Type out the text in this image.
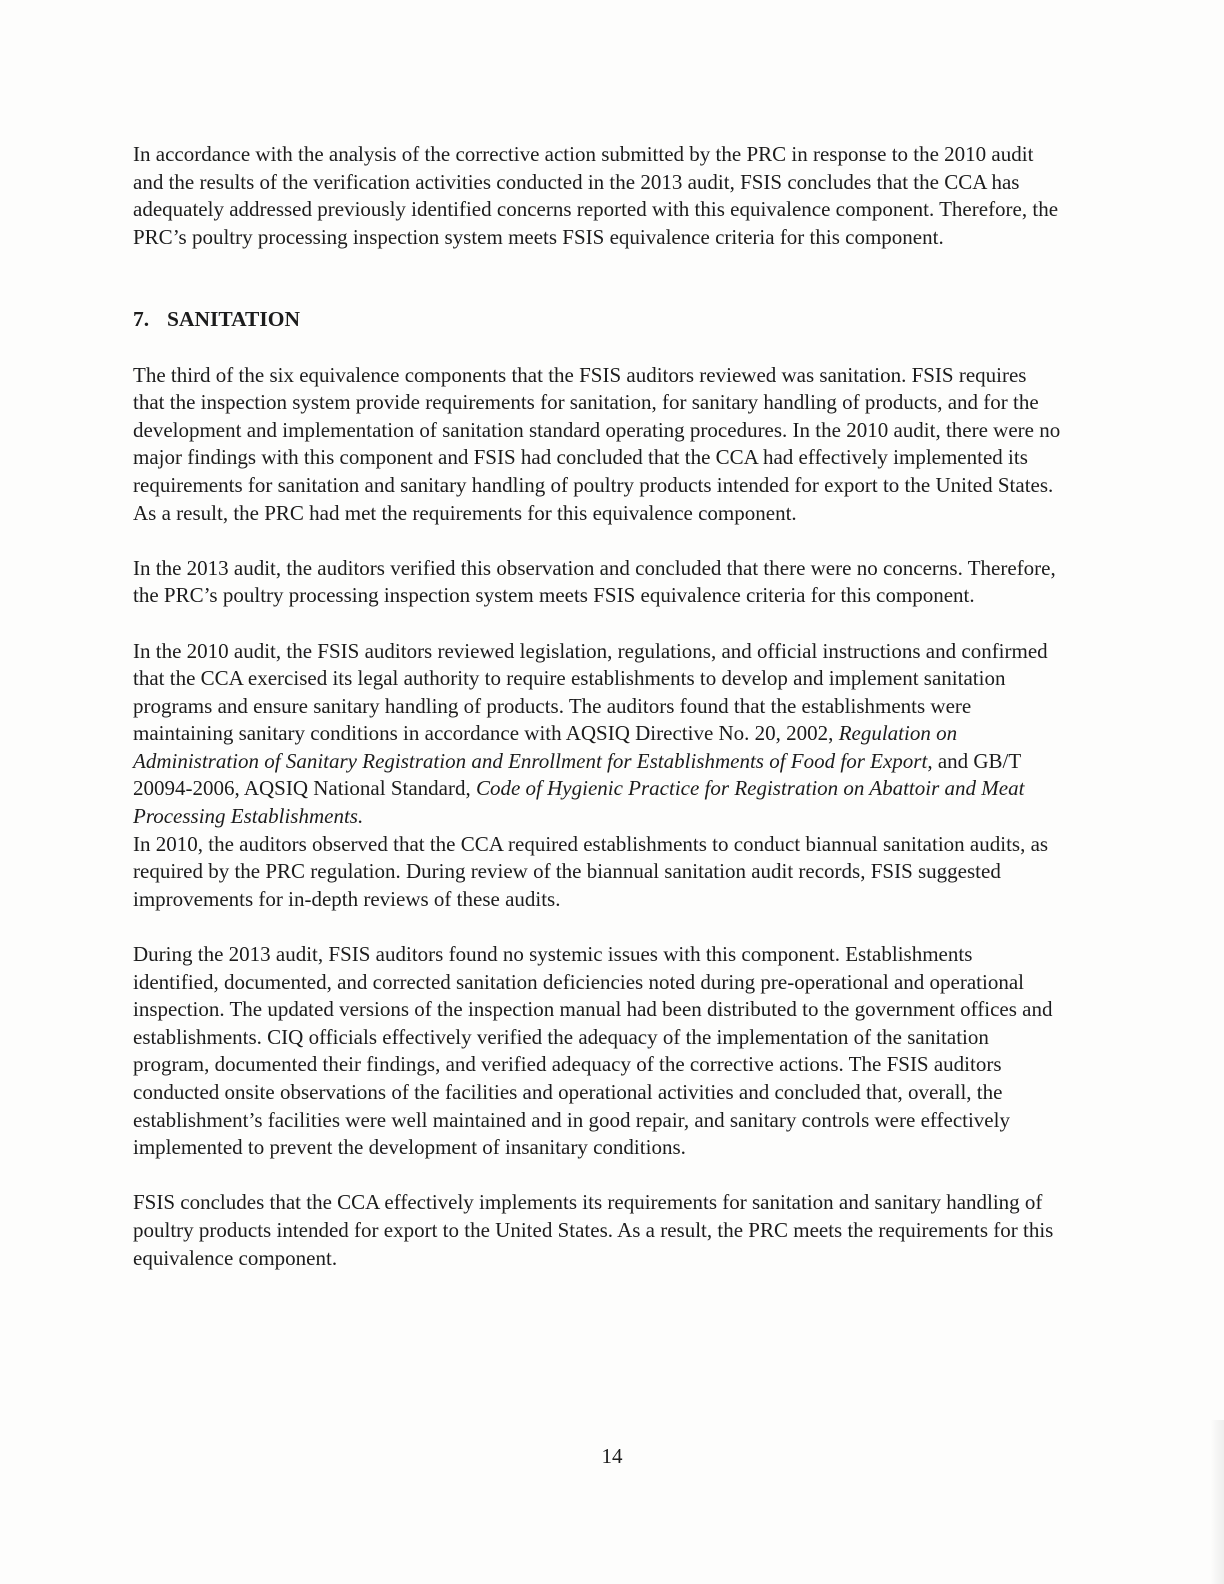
In accordance with the analysis of the corrective action submitted by the PRC in response to the 2010 audit and the results of the verification activities conducted in the 2013 audit, FSIS concludes that the CCA has adequately addressed previously identified concerns reported with this equivalence component. Therefore, the PRC’s poultry processing inspection system meets FSIS equivalence criteria for this component.

7. SANITATION

The third of the six equivalence components that the FSIS auditors reviewed was sanitation. FSIS requires that the inspection system provide requirements for sanitation, for sanitary handling of products, and for the development and implementation of sanitation standard operating procedures. In the 2010 audit, there were no major findings with this component and FSIS had concluded that the CCA had effectively implemented its requirements for sanitation and sanitary handling of poultry products intended for export to the United States. As a result, the PRC had met the requirements for this equivalence component.

In the 2013 audit, the auditors verified this observation and concluded that there were no concerns. Therefore, the PRC’s poultry processing inspection system meets FSIS equivalence criteria for this component.

In the 2010 audit, the FSIS auditors reviewed legislation, regulations, and official instructions and confirmed that the CCA exercised its legal authority to require establishments to develop and implement sanitation programs and ensure sanitary handling of products. The auditors found that the establishments were maintaining sanitary conditions in accordance with AQSIQ Directive No. 20, 2002, Regulation on Administration of Sanitary Registration and Enrollment for Establishments of Food for Export, and GB/T 20094-2006, AQSIQ National Standard, Code of Hygienic Practice for Registration on Abattoir and Meat Processing Establishments.

In 2010, the auditors observed that the CCA required establishments to conduct biannual sanitation audits, as required by the PRC regulation. During review of the biannual sanitation audit records, FSIS suggested improvements for in-depth reviews of these audits.

During the 2013 audit, FSIS auditors found no systemic issues with this component. Establishments identified, documented, and corrected sanitation deficiencies noted during pre-operational and operational inspection. The updated versions of the inspection manual had been distributed to the government offices and establishments. CIQ officials effectively verified the adequacy of the implementation of the sanitation program, documented their findings, and verified adequacy of the corrective actions. The FSIS auditors conducted onsite observations of the facilities and operational activities and concluded that, overall, the establishment’s facilities were well maintained and in good repair, and sanitary controls were effectively implemented to prevent the development of insanitary conditions.

FSIS concludes that the CCA effectively implements its requirements for sanitation and sanitary handling of poultry products intended for export to the United States. As a result, the PRC meets the requirements for this equivalence component.

14
